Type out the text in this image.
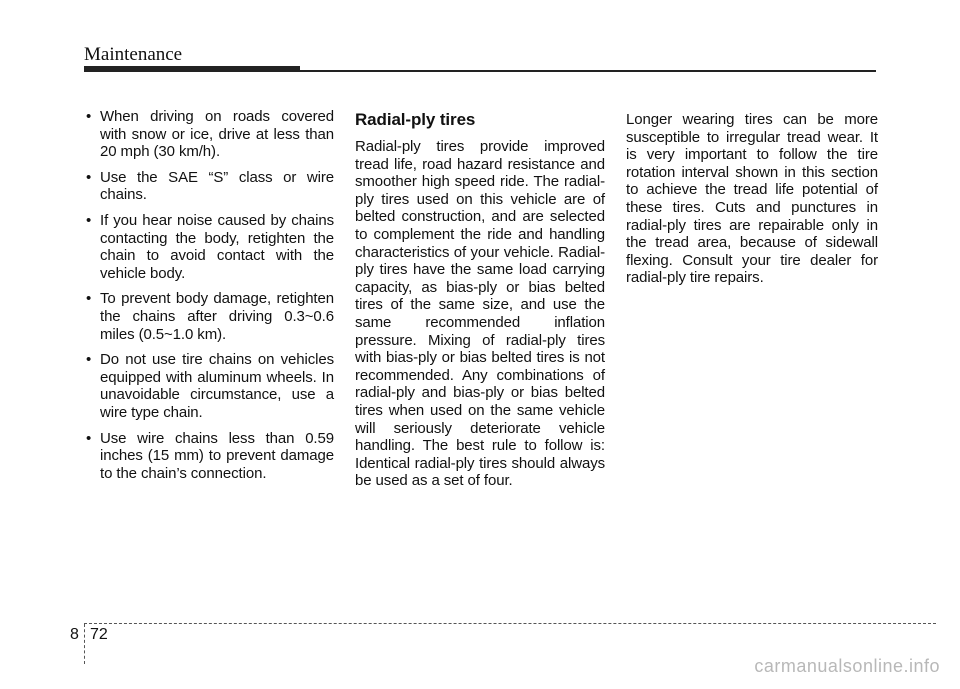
Maintenance
• When driving on roads covered with snow or ice, drive at less than 20 mph (30 km/h).
• Use the SAE “S” class or wire chains.
• If you hear noise caused by chains contacting the body, retighten the chain to avoid contact with the vehicle body.
• To prevent body damage, retighten the chains after driving 0.3~0.6 miles (0.5~1.0 km).
• Do not use tire chains on vehicles equipped with aluminum wheels. In unavoidable circumstance, use a wire type chain.
• Use wire chains less than 0.59 inches (15 mm) to prevent damage to the chain’s connection.
Radial-ply tires

Radial-ply tires provide improved tread life, road hazard resistance and smoother high speed ride. The radial-ply tires used on this vehicle are of belted construction, and are selected to complement the ride and handling characteristics of your vehicle. Radial-ply tires have the same load carrying capacity, as bias-ply or bias belted tires of the same size, and use the same recommended inflation pressure. Mixing of radial-ply tires with bias-ply or bias belted tires is not recommended. Any combinations of radial-ply and bias-ply or bias belted tires when used on the same vehicle will seriously deteriorate vehicle handling. The best rule to follow is: Identical radial-ply tires should always be used as a set of four.

Longer wearing tires can be more susceptible to irregular tread wear. It is very important to follow the tire rotation interval shown in this section to achieve the tread life potential of these tires. Cuts and punctures in radial-ply tires are repairable only in the tread area, because of sidewall flexing. Consult your tire dealer for radial-ply tire repairs.

8 72
carmanualsonline.info
